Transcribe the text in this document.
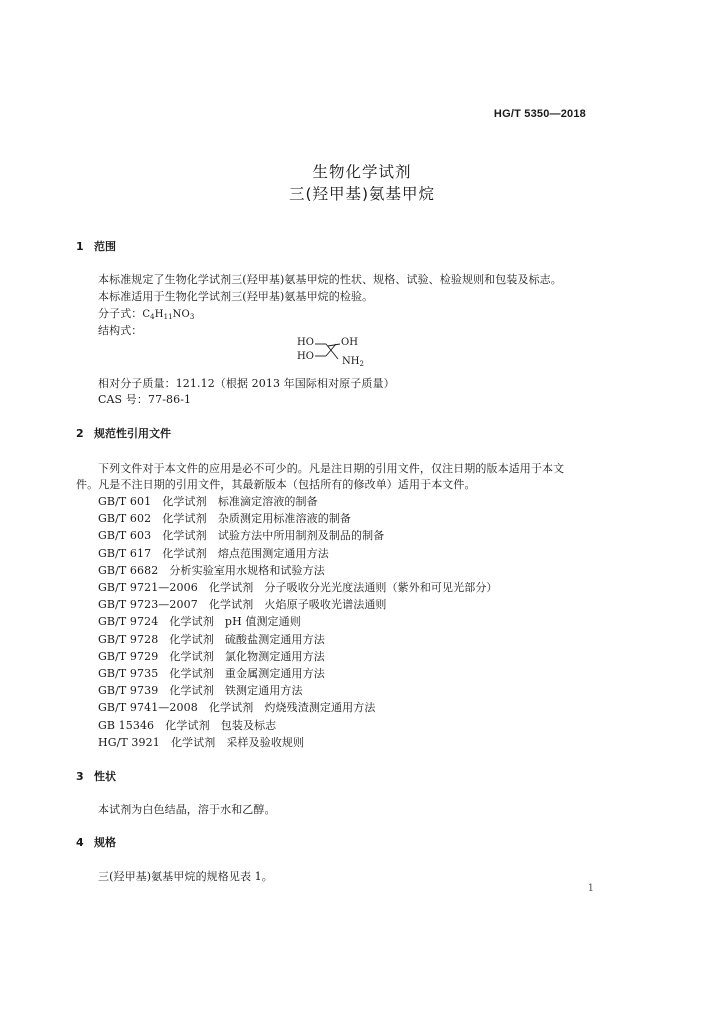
HG/T 5350—2018
生物化学试剂
三(羟甲基)氨基甲烷
1 范围
本标准规定了生物化学试剂三(羟甲基)氨基甲烷的性状、规格、试验、检验规则和包装及标志。
本标准适用于生物化学试剂三(羟甲基)氨基甲烷的检验。
分子式：$C_4H_{11}NO_3$
结构式：
HO	OH
HO	$NH_2$
相对分子质量：121.12（根据 2013 年国际相对原子质量）
CAS 号：77-86-1
2 规范性引用文件
下列文件对于本文件的应用是必不可少的。凡是注日期的引用文件，仅注日期的版本适用于本文
件。凡是不注日期的引用文件，其最新版本（包括所有的修改单）适用于本文件。
GB/T 601　 化学试剂　标准滴定溶液的制备
GB/T 602　 化学试剂　杂质测定用标准溶液的制备
GB/T 603　 化学试剂　试验方法中所用制剂及制品的制备
GB/T 617　 化学试剂　熔点范围测定通用方法
GB/T 6682　 分析实验室用水规格和试验方法
GB/T 9721—2006　 化学试剂　分子吸收分光光度法通则（紫外和可见光部分）
GB/T 9723—2007　 化学试剂　火焰原子吸收光谱法通则
GB/T 9724　 化学试剂　pH 值测定通则
GB/T 9728　 化学试剂　硫酸盐测定通用方法
GB/T 9729　 化学试剂　氯化物测定通用方法
GB/T 9735　 化学试剂　重金属测定通用方法
GB/T 9739　 化学试剂　铁测定通用方法
GB/T 9741—2008　 化学试剂　灼烧残渣测定通用方法
GB 15346　 化学试剂　包装及标志
HG/T 3921　 化学试剂　采样及验收规则
3 性状
本试剂为白色结晶，溶于水和乙醇。
4 规格
三(羟甲基)氨基甲烷的规格见表 1。
1
